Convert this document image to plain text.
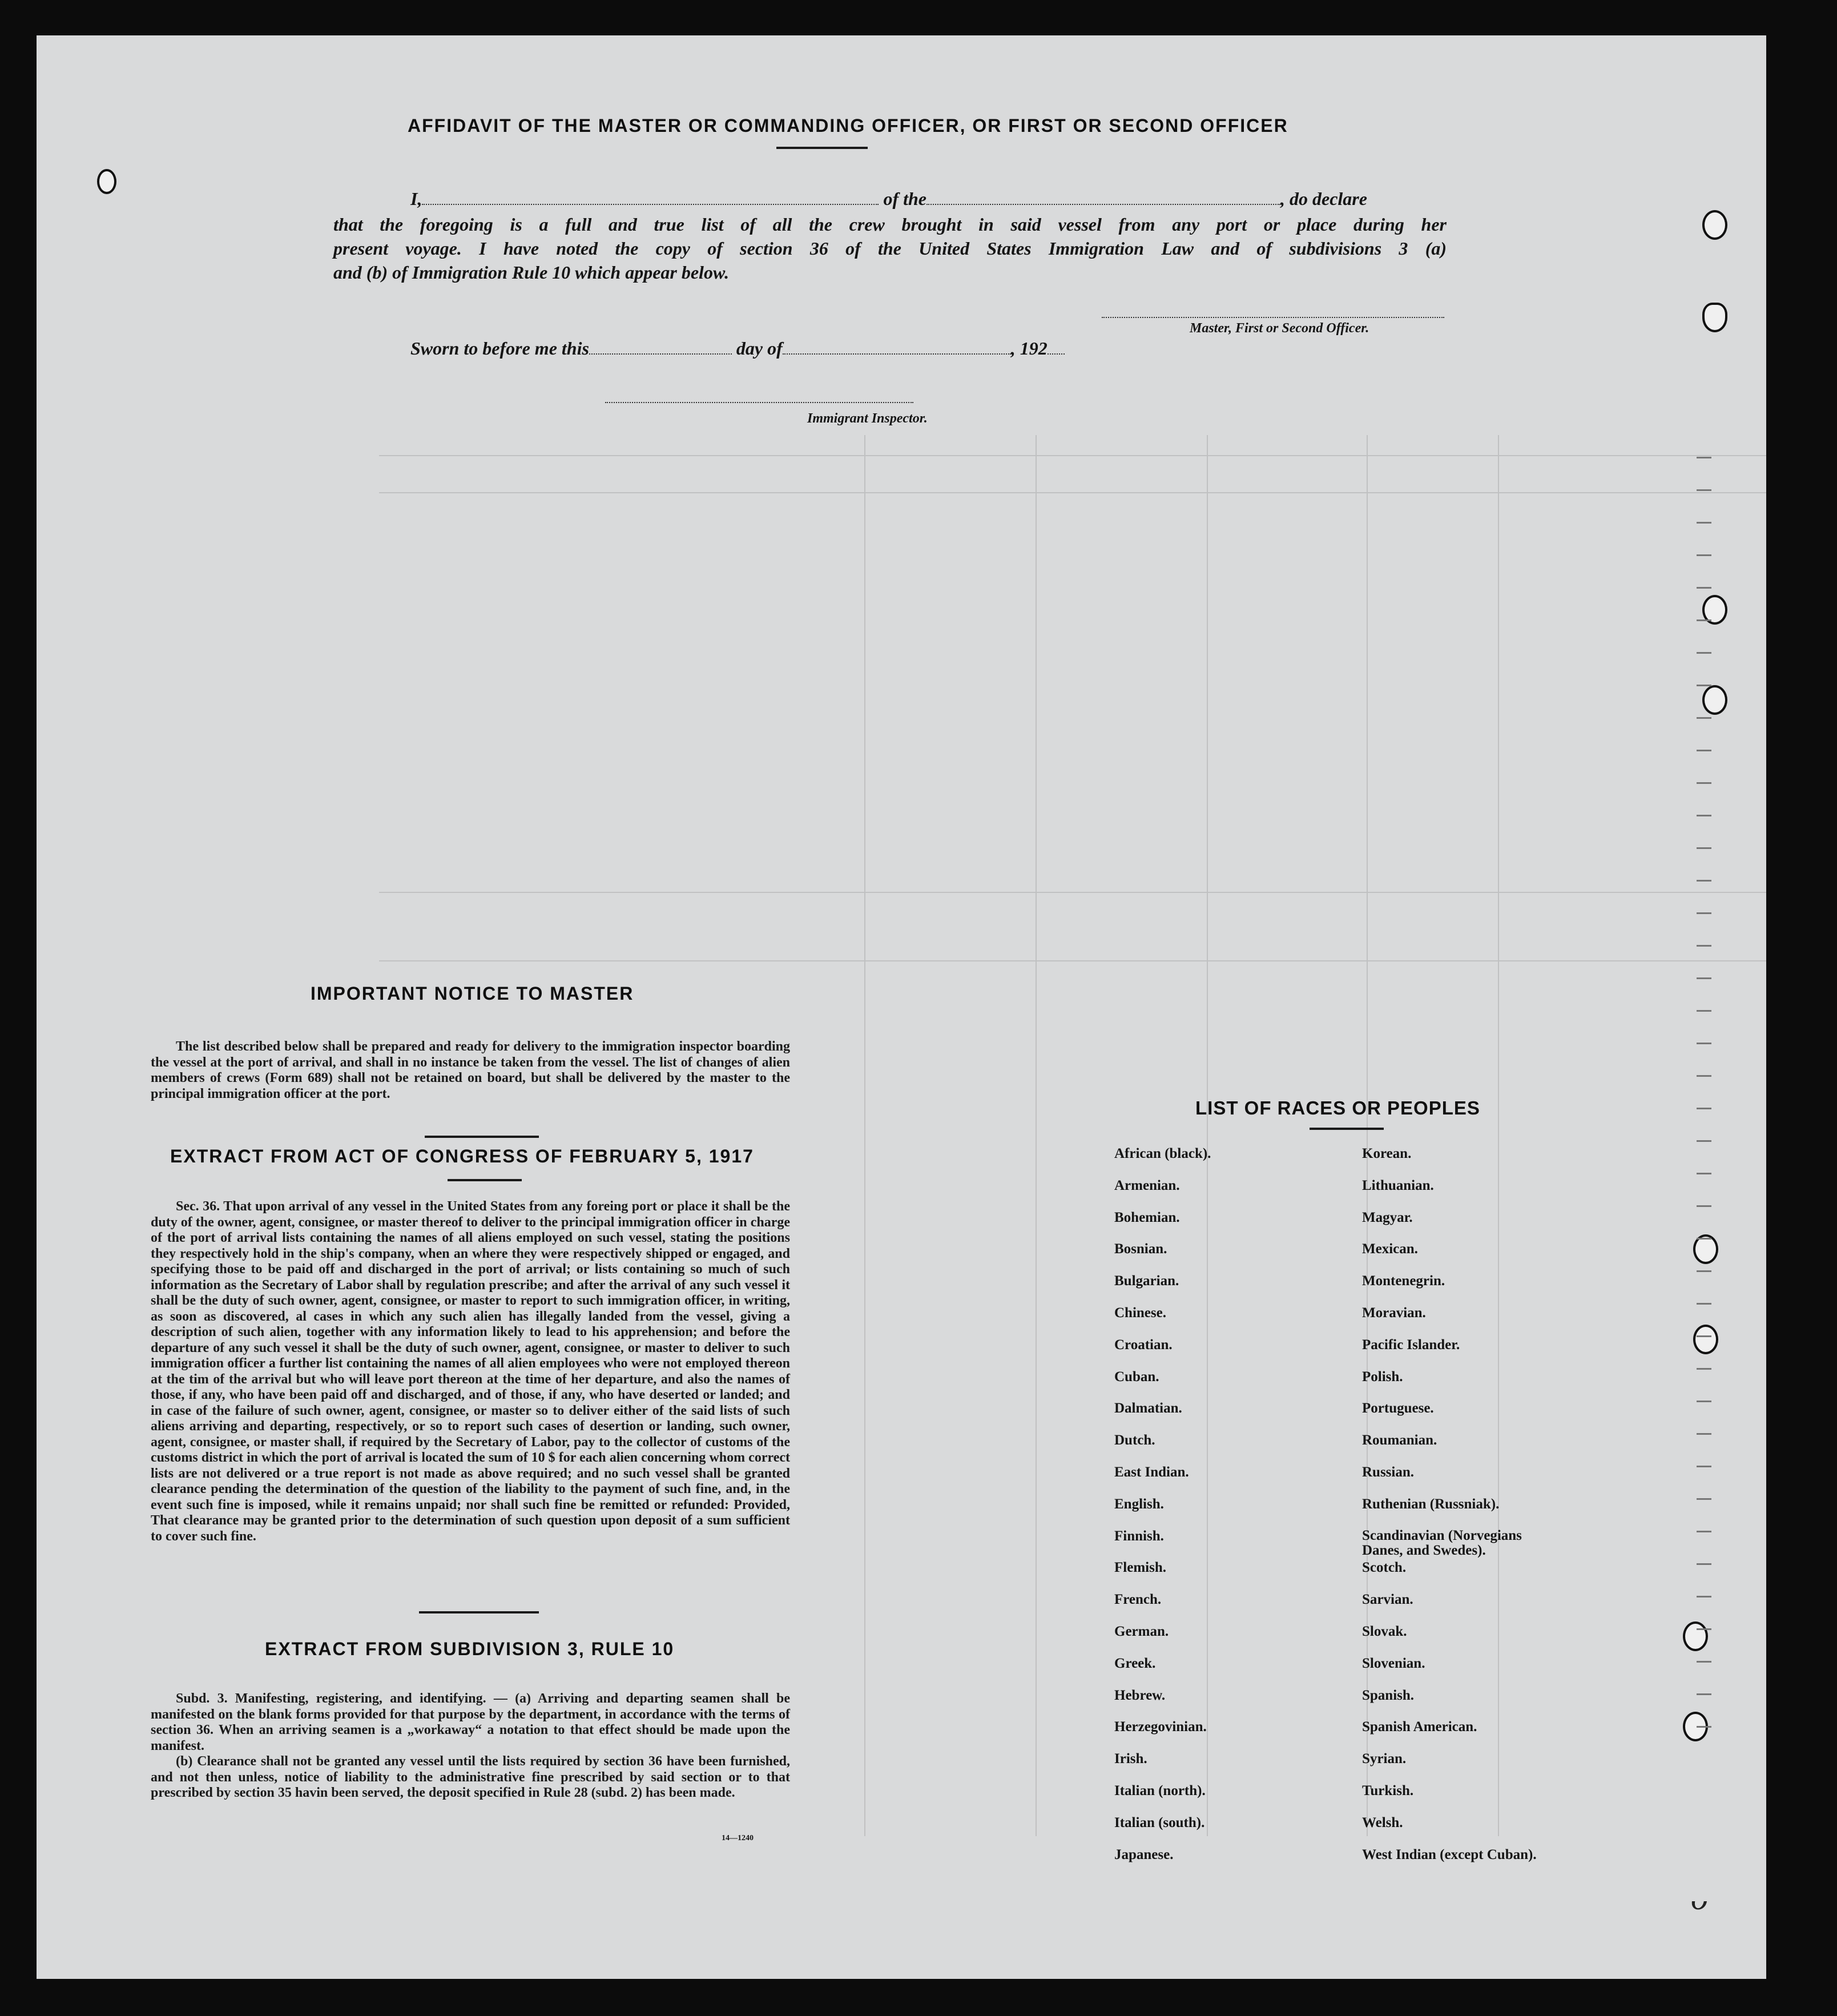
AFFIDAVIT OF THE MASTER OR COMMANDING OFFICER, OR FIRST OR SECOND OFFICER
I,	of the	, do declare
that the foregoing is a full and true list of all the crew brought in said vessel from any port or place during her
present voyage. I have noted the copy of section 36 of the United States Immigration Law and of subdivisions 3 (a)
and (b) of Immigration Rule 10 which appear below.
Master, First or Second Officer.
Sworn to before me this	day of	, 192
Immigrant Inspector.
IMPORTANT NOTICE TO MASTER

The list described below shall be prepared and ready for delivery to the immigration inspector boarding the vessel at the port of arrival, and shall in no instance be taken from the vessel. The list of changes of alien members of crews (Form 689) shall not be retained on board, but shall be delivered by the master to the principal immigration officer at the port.

EXTRACT FROM ACT OF CONGRESS OF FEBRUARY 5, 1917

Sec. 36. That upon arrival of any vessel in the United States from any foreing port or place it shall be the duty of the owner, agent, consignee, or master thereof to deliver to the principal immigration officer in charge of the port of arrival lists containing the names of all aliens employed on such vessel, stating the positions they respectively hold in the ship's company, when an where they were respectively shipped or engaged, and specifying those to be paid off and discharged in the port of arrival; or lists containing so much of such information as the Secretary of Labor shall by regulation prescribe; and after the arrival of any such vessel it shall be the duty of such owner, agent, consignee, or master to report to such immigration officer, in writing, as soon as discovered, al cases in which any such alien has illegally landed from the vessel, giving a description of such alien, together with any information likely to lead to his apprehension; and before the departure of any such vessel it shall be the duty of such owner, agent, consignee, or master to deliver to such immigration officer a further list containing the names of all alien employees who were not employed thereon at the tim of the arrival but who will leave port thereon at the time of her departure, and also the names of those, if any, who have been paid off and discharged, and of those, if any, who have deserted or landed; and in case of the failure of such owner, agent, consignee, or master so to deliver either of the said lists of such aliens arriving and departing, respectively, or so to report such cases of desertion or landing, such owner, agent, consignee, or master shall, if required by the Secretary of Labor, pay to the collector of customs of the customs district in which the port of arrival is located the sum of 10 $ for each alien concerning whom correct lists are not delivered or a true report is not made as above required; and no such vessel shall be granted clearance pending the determination of the question of the liability to the payment of such fine, and, in the event such fine is imposed, while it remains unpaid; nor shall such fine be remitted or refunded: Provided, That clearance may be granted prior to the determination of such question upon deposit of a sum sufficient to cover such fine.

EXTRACT FROM SUBDIVISION 3, RULE 10

Subd. 3. Manifesting, registering, and identifying. — (a) Arriving and departing seamen shall be manifested on the blank forms provided for that purpose by the department, in accordance with the terms of section 36. When an arriving seamen is a „workaway“ a notation to that effect should be made upon the manifest.

(b) Clearance shall not be granted any vessel until the lists required by section 36 have been furnished, and not then unless, notice of liability to the administrative fine prescribed by said section or to that prescribed by section 35 havin been served, the deposit specified in Rule 28 (subd. 2) has been made.

14—1240
LIST OF RACES OR PEOPLES
African (black).
Armenian.
Bohemian.
Bosnian.
Bulgarian.
Chinese.
Croatian.
Cuban.
Dalmatian.
Dutch.
East Indian.
English.
Finnish.
Flemish.
French.
German.
Greek.
Hebrew.
Herzegovinian.
Irish.
Italian (north).
Italian (south).
Japanese.
Korean.
Lithuanian.
Magyar.
Mexican.
Montenegrin.
Moravian.
Pacific Islander.
Polish.
Portuguese.
Roumanian.
Russian.
Ruthenian (Russniak).
Scandinavian (Norvegians Danes, and Swedes).
Scotch.
Sarvian.
Slovak.
Slovenian.
Spanish.
Spanish American.
Syrian.
Turkish.
Welsh.
West Indian (except Cuban).
ᴗ
